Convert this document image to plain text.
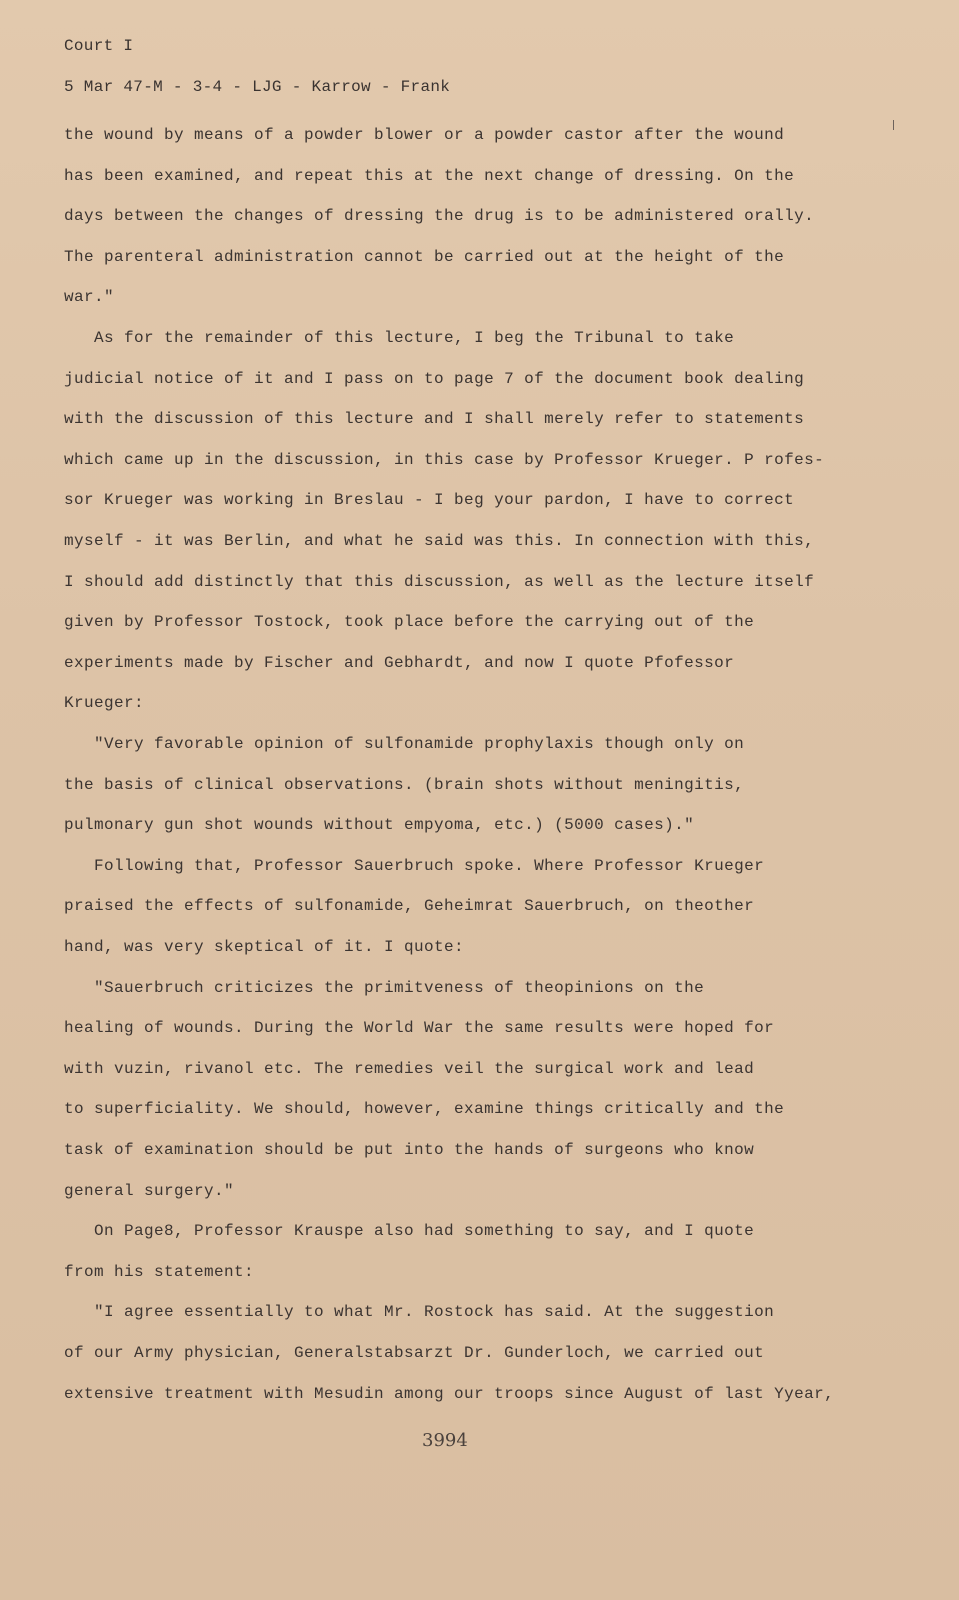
Court I
5 Mar 47-M - 3-4 - LJG - Karrow - Frank
the wound by means of a powder blower or a powder castor after the wound
has been examined, and repeat this at the next change of dressing. On the
days between the changes of dressing the drug is to be administered orally.
The parenteral administration cannot be carried out at the height of the
war."
As for the remainder of this lecture, I beg the Tribunal to take
judicial notice of it and I pass on to page 7 of the document book dealing
with the discussion of this lecture and I shall merely refer to statements
which came up in the discussion, in this case by Professor Krueger. P rofes-
sor Krueger was working in Breslau - I beg your pardon, I have to correct
myself - it was Berlin, and what he said was this. In connection with this,
I should add distinctly that this discussion, as well as the lecture itself
given by Professor Tostock, took place before the carrying out of the
experiments made by Fischer and Gebhardt, and now I quote Pfofessor
Krueger:
"Very favorable opinion of sulfonamide prophylaxis though only on
the basis of clinical observations. (brain shots without meningitis,
pulmonary gun shot wounds without empyoma, etc.) (5000 cases)."
Following that, Professor Sauerbruch spoke. Where Professor Krueger
praised the effects of sulfonamide, Geheimrat Sauerbruch, on theother
hand, was very skeptical of it. I quote:
"Sauerbruch criticizes the primitveness of theopinions on the
healing of wounds. During the World War the same results were hoped for
with vuzin, rivanol etc. The remedies veil the surgical work and lead
to superficiality. We should, however, examine things critically and the
task of examination should be put into the hands of surgeons who know
general surgery."
On Page8, Professor Krauspe also had something to say, and I quote
from his statement:
"I agree essentially to what Mr. Rostock has said. At the suggestion
of our Army physician, Generalstabsarzt Dr. Gunderloch, we carried out
extensive treatment with Mesudin among our troops since August of last Yyear,
3994
